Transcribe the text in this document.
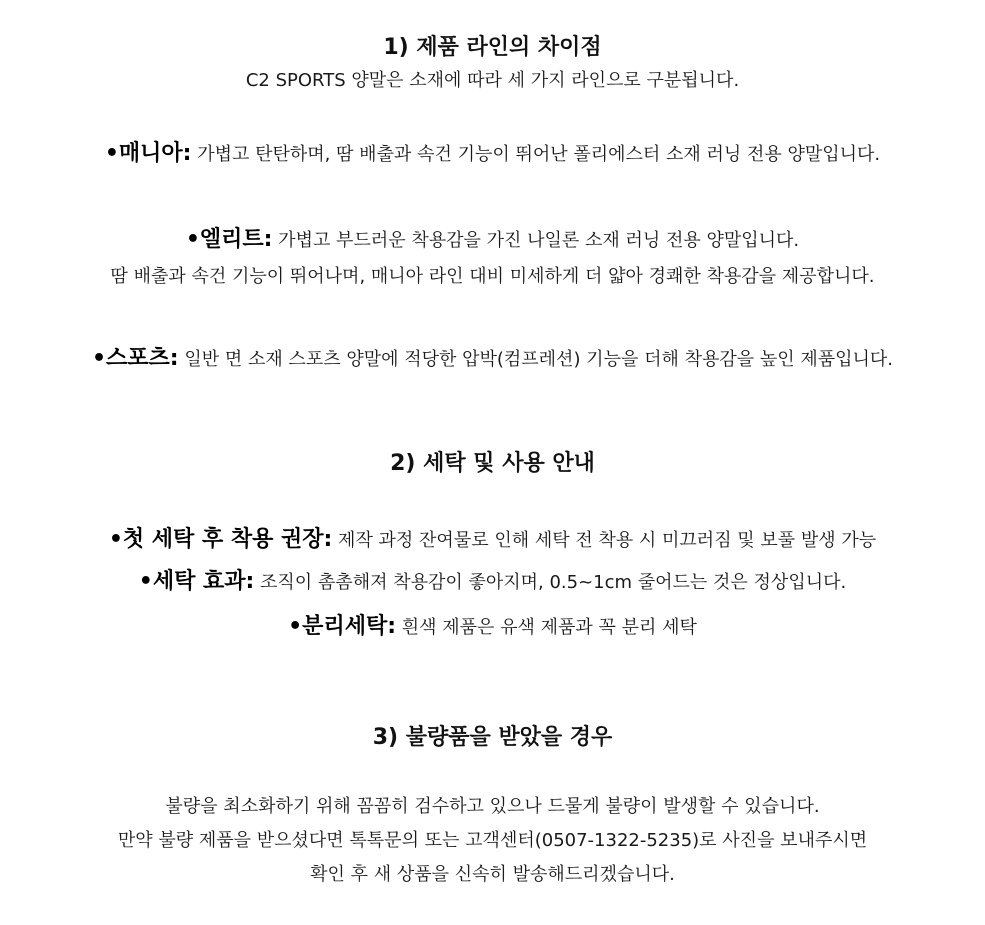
1) 제품 라인의 차이점
C2 SPORTS 양말은 소재에 따라 세 가지 라인으로 구분됩니다.
•매니아: 가볍고 탄탄하며, 땀 배출과 속건 기능이 뛰어난 폴리에스터 소재 러닝 전용 양말입니다.
•엘리트: 가볍고 부드러운 착용감을 가진 나일론 소재 러닝 전용 양말입니다.
땀 배출과 속건 기능이 뛰어나며, 매니아 라인 대비 미세하게 더 얇아 경쾌한 착용감을 제공합니다.
•스포츠: 일반 면 소재 스포츠 양말에 적당한 압박(컴프레션) 기능을 더해 착용감을 높인 제품입니다.
2) 세탁 및 사용 안내
•첫 세탁 후 착용 권장: 제작 과정 잔여물로 인해 세탁 전 착용 시 미끄러짐 및 보풀 발생 가능
•세탁 효과: 조직이 촘촘해져 착용감이 좋아지며, 0.5~1cm 줄어드는 것은 정상입니다.
•분리세탁: 흰색 제품은 유색 제품과 꼭 분리 세탁
3) 불량품을 받았을 경우
불량을 최소화하기 위해 꼼꼼히 검수하고 있으나 드물게 불량이 발생할 수 있습니다.
만약 불량 제품을 받으셨다면 톡톡문의 또는 고객센터(0507-1322-5235)로 사진을 보내주시면
확인 후 새 상품을 신속히 발송해드리겠습니다.
